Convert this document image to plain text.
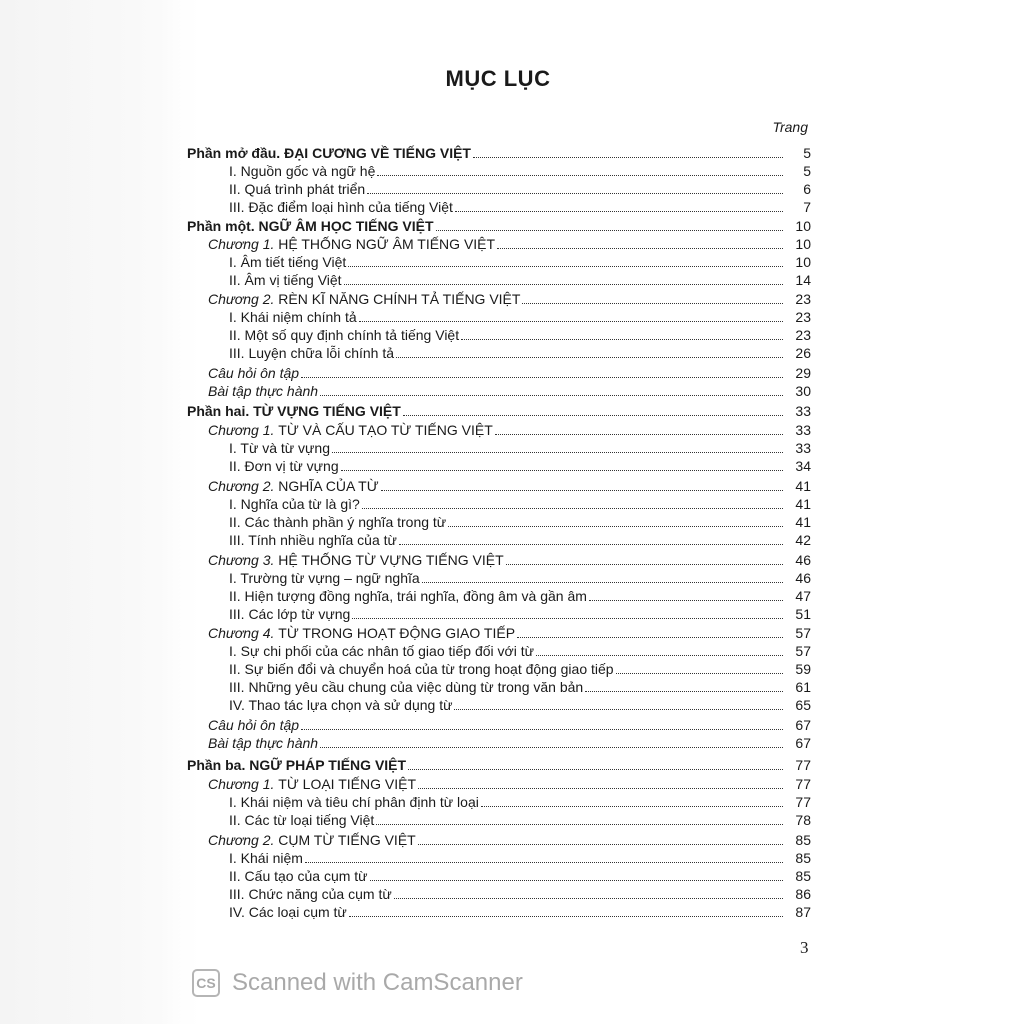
MỤC LỤC
Trang
Phần mở đầu. ĐẠI CƯƠNG VỀ TIẾNG VIỆT	5
I. Nguồn gốc và ngữ hệ	5
II. Quá trình phát triển	6
III. Đặc điểm loại hình của tiếng Việt	7
Phần một. NGỮ ÂM HỌC TIẾNG VIỆT	10
Chương 1. HỆ THỐNG NGỮ ÂM TIẾNG VIỆT	10
I. Âm tiết tiếng Việt	10
II. Âm vị tiếng Việt	14
Chương 2. RÈN KĨ NĂNG CHÍNH TẢ TIẾNG VIỆT	23
I. Khái niệm chính tả	23
II. Một số quy định chính tả tiếng Việt	23
III. Luyện chữa lỗi chính tả	26
Câu hỏi ôn tập	29
Bài tập thực hành	30
Phần hai. TỪ VỰNG TIẾNG VIỆT	33
Chương 1. TỪ VÀ CẤU TẠO TỪ TIẾNG VIỆT	33
I. Từ và từ vựng	33
II. Đơn vị từ vựng	34
Chương 2. NGHĨA CỦA TỪ	41
I. Nghĩa của từ là gì?	41
II. Các thành phần ý nghĩa trong từ	41
III. Tính nhiều nghĩa của từ	42
Chương 3. HỆ THỐNG TỪ VỰNG TIẾNG VIỆT	46
I. Trường từ vựng – ngữ nghĩa	46
II. Hiện tượng đồng nghĩa, trái nghĩa, đồng âm và gần âm	47
III. Các lớp từ vựng	51
Chương 4. TỪ TRONG HOẠT ĐỘNG GIAO TIẾP	57
I. Sự chi phối của các nhân tố giao tiếp đối với từ	57
II. Sự biến đổi và chuyển hoá của từ trong hoạt động giao tiếp	59
III. Những yêu cầu chung của việc dùng từ trong văn bản	61
IV. Thao tác lựa chọn và sử dụng từ	65
Câu hỏi ôn tập	67
Bài tập thực hành	67
Phần ba. NGỮ PHÁP TIẾNG VIỆT	77
Chương 1. TỪ LOẠI TIẾNG VIỆT	77
I. Khái niệm và tiêu chí phân định từ loại	77
II. Các từ loại tiếng Việt	78
Chương 2. CỤM TỪ TIẾNG VIỆT	85
I. Khái niệm	85
II. Cấu tạo của cụm từ	85
III. Chức năng của cụm từ	86
IV. Các loại cụm từ	87
3
CS Scanned with CamScanner
